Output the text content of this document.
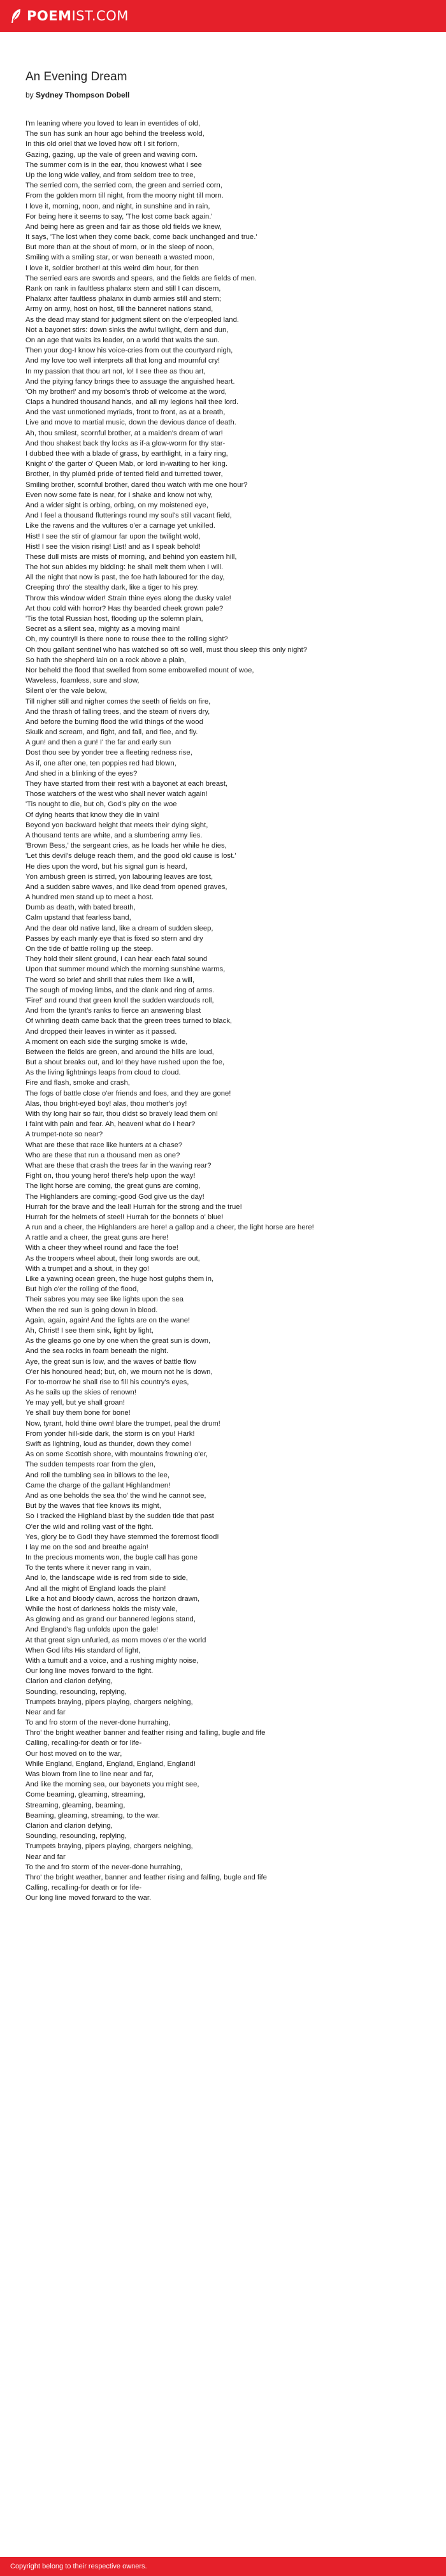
POEM IST.COM
An Evening Dream
by Sydney Thompson Dobell
I'm leaning where you loved to lean in eventides of old,
The sun has sunk an hour ago behind the treeless wold,
In this old oriel that we loved how oft I sit forlorn,
Gazing, gazing, up the vale of green and waving corn.
The summer corn is in the ear, thou knowest what I see
Up the long wide valley, and from seldom tree to tree,
The serried corn, the serried corn, the green and serried corn,
From the golden morn till night, from the moony night till morn.
I love it, morning, noon, and night, in sunshine and in rain,
For being here it seems to say, 'The lost come back again.'
And being here as green and fair as those old fields we knew,
It says, 'The lost when they come back, come back unchanged and true.'
But more than at the shout of morn, or in the sleep of noon,
Smiling with a smiling star, or wan beneath a wasted moon,
I love it, soldier brother! at this weird dim hour, for then
The serried ears are swords and spears, and the fields are fields of men.
Rank on rank in faultless phalanx stern and still I can discern,
Phalanx after faultless phalanx in dumb armies still and stern;
Army on army, host on host, till the banneret nations stand,
As the dead may stand for judgment silent on the o'erpeopled land.
Not a bayonet stirs: down sinks the awful twilight, dern and dun,
On an age that waits its leader, on a world that waits the sun.
Then your dog-I know his voice-cries from out the courtyard nigh,
And my love too well interprets all that long and mournful cry!
In my passion that thou art not, lo! I see thee as thou art,
And the pitying fancy brings thee to assuage the anguished heart.
'Oh my brother!' and my bosom's throb of welcome at the word,
Claps a hundred thousand hands, and all my legions hail thee lord.
And the vast unmotioned myriads, front to front, as at a breath,
Live and move to martial music, down the devious dance of death.
Ah, thou smilest, scornful brother, at a maiden's dream of war!
And thou shakest back thy locks as if-a glow-worm for thy star-
I dubbed thee with a blade of grass, by earthlight, in a fairy ring,
Knight o' the garter o' Queen Mab, or lord in-waiting to her king.
Brother, in thy plumèd pride of tented field and turretted tower,
Smiling brother, scornful brother, dared thou watch with me one hour?
Even now some fate is near, for I shake and know not why,
And a wider sight is orbing, orbing, on my moistened eye,
And I feel a thousand flutterings round my soul's still vacant field,
Like the ravens and the vultures o'er a carnage yet unkilled.
Hist! I see the stir of glamour far upon the twilight wold,
Hist! I see the vision rising! List! and as I speak behold!
These dull mists are mists of morning, and behind yon eastern hill,
The hot sun abides my bidding: he shall melt them when I will.
All the night that now is past, the foe hath laboured for the day,
Creeping thro' the stealthy dark, like a tiger to his prey.
Throw this window wider! Strain thine eyes along the dusky vale!
Art thou cold with horror? Has thy bearded cheek grown pale?
'Tis the total Russian host, flooding up the solemn plain,
Secret as a silent sea, mighty as a moving main!
Oh, my countryl! is there none to rouse thee to the rolling sight?
Oh thou gallant sentinel who has watched so oft so well, must thou sleep this only night?
So hath the shepherd lain on a rock above a plain,
Nor beheld the flood that swelled from some embowelled mount of woe,
Waveless, foamless, sure and slow,
Silent o'er the vale below,
Till nigher still and nigher comes the seeth of fields on fire,
And the thrash of falling trees, and the steam of rivers dry,
And before the burning flood the wild things of the wood
Skulk and scream, and fight, and fall, and flee, and fly.
A gun! and then a gun! I' the far and early sun
Dost thou see by yonder tree a fleeting redness rise,
As if, one after one, ten poppies red had blown,
And shed in a blinking of the eyes?
They have started from their rest with a bayonet at each breast,
Those watchers of the west who shall never watch again!
'Tis nought to die, but oh, God's pity on the woe
Of dying hearts that know they die in vain!
Beyond yon backward height that meets their dying sight,
A thousand tents are white, and a slumbering army lies.
'Brown Bess,' the sergeant cries, as he loads her while he dies,
'Let this devil's deluge reach them, and the good old cause is lost.'
He dies upon the word, but his signal gun is heard,
Yon ambush green is stirred, yon labouring leaves are tost,
And a sudden sabre waves, and like dead from opened graves,
A hundred men stand up to meet a host.
Dumb as death, with bated breath,
Calm upstand that fearless band,
And the dear old native land, like a dream of sudden sleep,
Passes by each manly eye that is fixed so stern and dry
On the tide of battle rolling up the steep.
They hold their silent ground, I can hear each fatal sound
Upon that summer mound which the morning sunshine warms,
The word so brief and shrill that rules them like a will,
The sough of moving limbs, and the clank and ring of arms.
'Fire!' and round that green knoll the sudden warclouds roll,
And from the tyrant's ranks to fierce an answering blast
Of whirling death came back that the green trees turned to black,
And dropped their leaves in winter as it passed.
A moment on each side the surging smoke is wide,
Between the fields are green, and around the hills are loud,
But a shout breaks out, and lo! they have rushed upon the foe,
As the living lightnings leaps from cloud to cloud.
Fire and flash, smoke and crash,
The fogs of battle close o'er friends and foes, and they are gone!
Alas, thou bright-eyed boy! alas, thou mother's joy!
With thy long hair so fair, thou didst so bravely lead them on!
I faint with pain and fear. Ah, heaven! what do I hear?
A trumpet-note so near?
What are these that race like hunters at a chase?
Who are these that run a thousand men as one?
What are these that crash the trees far in the waving rear?
Fight on, thou young hero! there's help upon the way!
The light horse are coming, the great guns are coming,
The Highlanders are coming;-good God give us the day!
Hurrah for the brave and the leal! Hurrah for the strong and the true!
Hurrah for the helmets of steel! Hurrah for the bonnets o' blue!
A run and a cheer, the Highlanders are here! a gallop and a cheer, the light horse are here!
A rattle and a cheer, the great guns are here!
With a cheer they wheel round and face the foe!
As the troopers wheel about, their long swords are out,
With a trumpet and a shout, in they go!
Like a yawning ocean green, the huge host gulphs them in,
But high o'er the rolling of the flood,
Their sabres you may see like lights upon the sea
When the red sun is going down in blood.
Again, again, again! And the lights are on the wane!
Ah, Christ! I see them sink, light by light,
As the gleams go one by one when the great sun is down,
And the sea rocks in foam beneath the night.
Aye, the great sun is low, and the waves of battle flow
O'er his honoured head; but, oh, we mourn not he is down,
For to-morrow he shall rise to fill his country's eyes,
As he sails up the skies of renown!
Ye may yell, but ye shall groan!
Ye shall buy them bone for bone!
Now, tyrant, hold thine own! blare the trumpet, peal the drum!
From yonder hill-side dark, the storm is on you! Hark!
Swift as lightning, loud as thunder, down they come!
As on some Scottish shore, with mountains frowning o'er,
The sudden tempests roar from the glen,
And roll the tumbling sea in billows to the lee,
Came the charge of the gallant Highlandmen!
And as one beholds the sea tho' the wind he cannot see,
But by the waves that flee knows its might,
So I tracked the Highland blast by the sudden tide that past
O'er the wild and rolling vast of the fight.
Yes, glory be to God! they have stemmed the foremost flood!
I lay me on the sod and breathe again!
In the precious moments won, the bugle call has gone
To the tents where it never rang in vain,
And lo, the landscape wide is red from side to side,
And all the might of England loads the plain!
Like a hot and bloody dawn, across the horizon drawn,
While the host of darkness holds the misty vale,
As glowing and as grand our bannered legions stand,
And England's flag unfolds upon the gale!
At that great sign unfurled, as morn moves o'er the world
When God lifts His standard of light,
With a tumult and a voice, and a rushing mighty noise,
Our long line moves forward to the fight.
Clarion and clarion defying,
Sounding, resounding, replying,
Trumpets braying, pipers playing, chargers neighing,
Near and far
To and fro storm of the never-done hurrahing,
Thro' the bright weather banner and feather rising and falling, bugle and fife
Calling, recalling-for death or for life-
Our host moved on to the war,
While England, England, England, England, England!
Was blown from line to line near and far,
And like the morning sea, our bayonets you might see,
Come beaming, gleaming, streaming,
Streaming, gleaming, beaming,
Beaming, gleaming, streaming, to the war.
Clarion and clarion defying,
Sounding, resounding, replying,
Trumpets braying, pipers playing, chargers neighing,
Near and far
To the and fro storm of the never-done hurrahing,
Thro' the bright weather, banner and feather rising and falling, bugle and fife
Calling, recalling-for death or for life-
Our long line moved forward to the war.
Copyright belong to their respective owners.
